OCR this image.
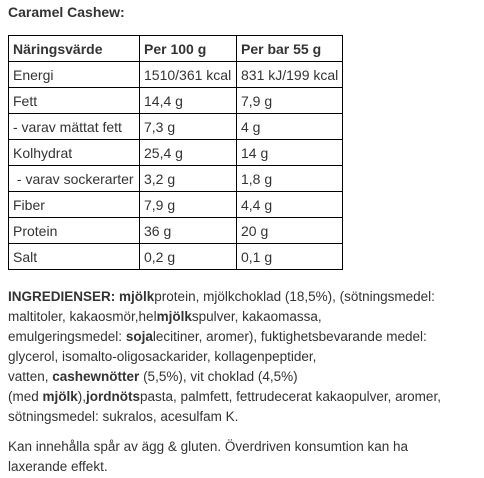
Caramel Cashew:
Näringsvärde	Per 100 g	Per bar 55 g
Energi	1510/361 kcal	831 kJ/199 kcal
Fett	14,4 g	7,9 g
- varav mättat fett	7,3 g	4 g
Kolhydrat	25,4 g	14 g
- varav sockerarter	3,2 g	1,8 g
Fiber	7,9 g	4,4 g
Protein	36 g	20 g
Salt	0,2 g	0,1 g

INGREDIENSER: mjölkprotein, mjölkchoklad (18,5%), (sötningsmedel:
maltitoler, kakaosmör,helmjölkspulver, kakaomassa,
emulgeringsmedel: sojalecitiner, aromer), fuktighetsbevarande medel:
glycerol, isomalto-oligosackarider, kollagenpeptider,
vatten, cashewnötter (5,5%), vit choklad (4,5%)
(med mjölk),jordnötspasta, palmfett, fettrudecerat kakaopulver, aromer,
sötningsmedel: sukralos, acesulfam K.

Kan innehålla spår av ägg & gluten. Överdriven konsumtion kan ha
laxerande effekt.
